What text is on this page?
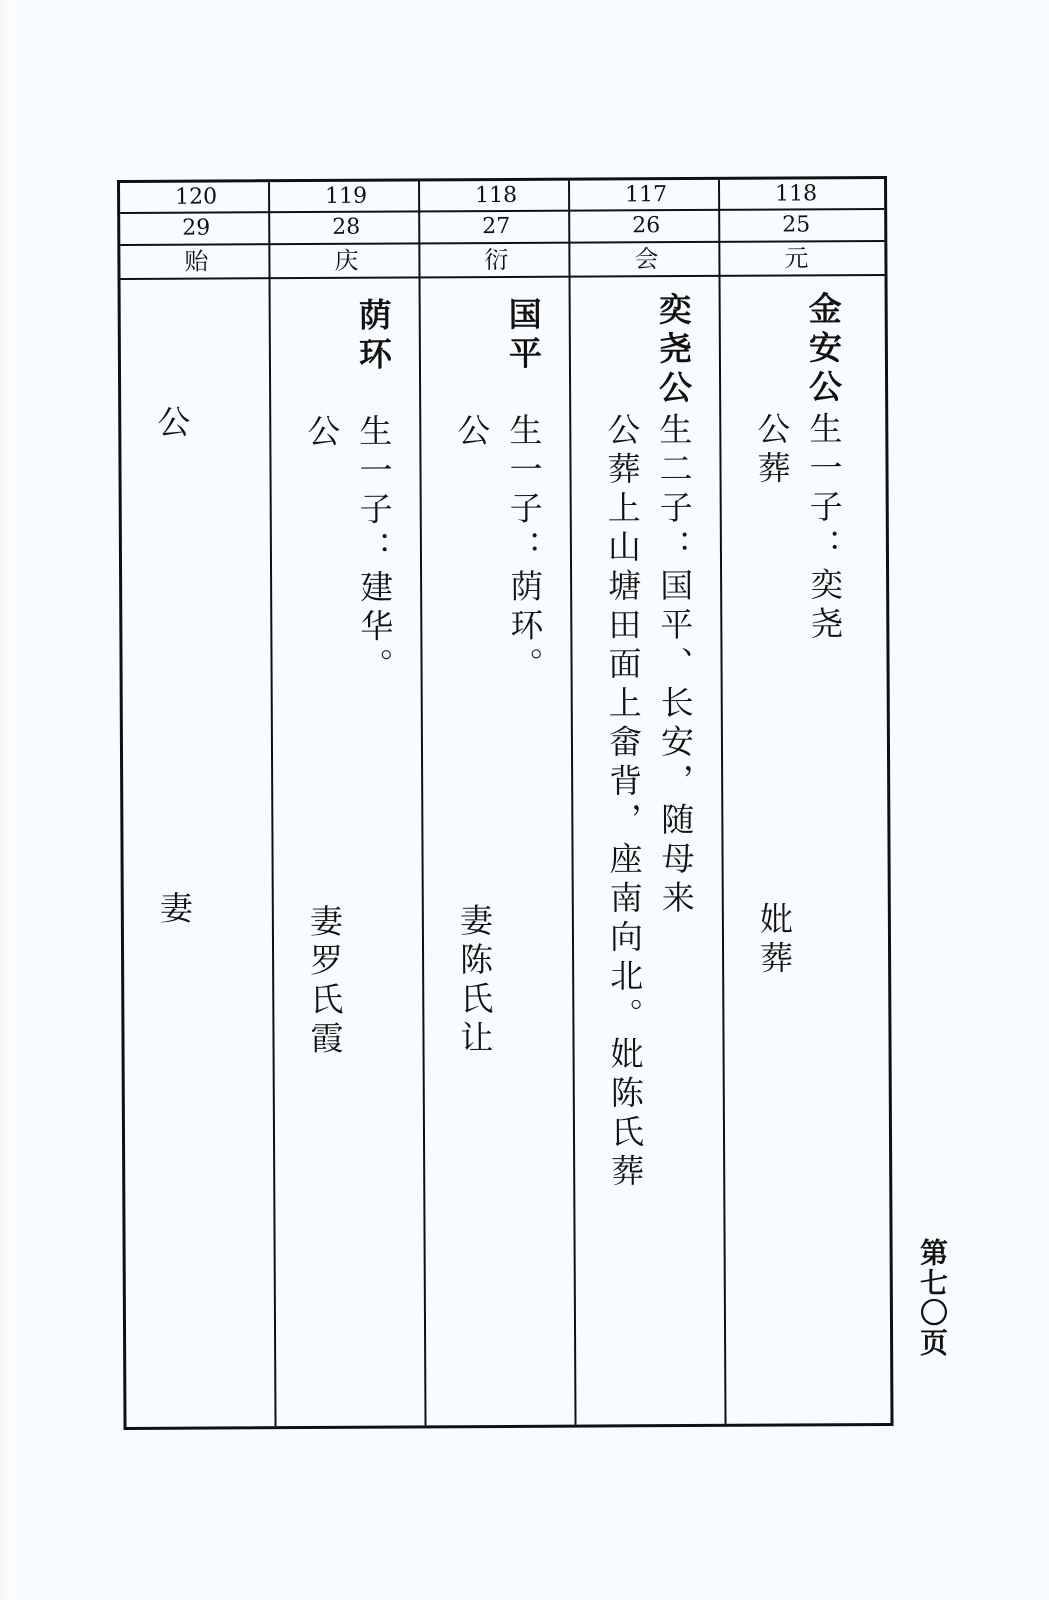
120
29
贻
119
28
庆
118
27
衍
117
26
会
118
25
元
公
妻
荫环
生一子：建华。
公
妻罗氏霞
国平
生一子：荫环。
公
妻陈氏让
奕尧公
生二子：国平、长安，随母来
公葬上山塘田面上畲背，座南向北。妣陈氏葬
金安公
生一子：奕尧
公葬
妣葬
第七〇页
